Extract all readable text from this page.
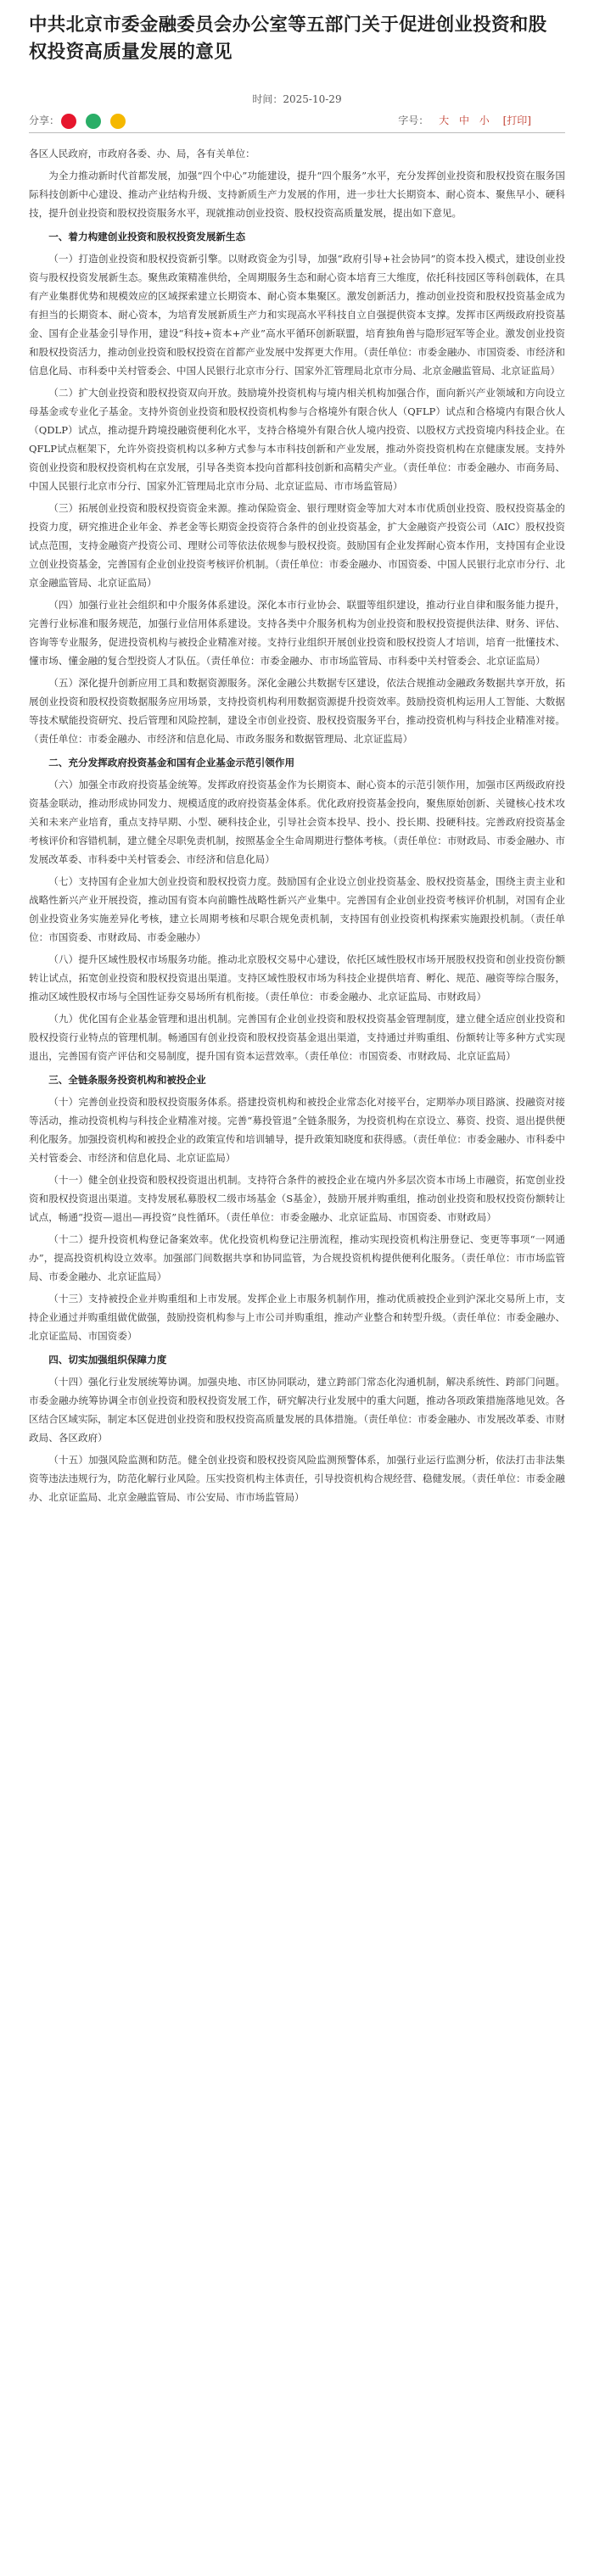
中共北京市委金融委员会办公室等五部门关于促进创业投资和股权投资高质量发展的意见
时间：2025-10-29
分享：
	字号： 大 中 小 [打印]

各区人民政府，市政府各委、办、局，各有关单位：

为全力推动新时代首都发展，加强“四个中心”功能建设，提升“四个服务”水平，充分发挥创业投资和股权投资在服务国际科技创新中心建设、推动产业结构升级、支持新质生产力发展的作用，进一步壮大长期资本、耐心资本、聚焦早小、硬科技，提升创业投资和股权投资服务水平，现就推动创业投资、股权投资高质量发展，提出如下意见。

一、着力构建创业投资和股权投资发展新生态

（一）打造创业投资和股权投资新引擎。以财政资金为引导，加强“政府引导+社会协同”的资本投入模式，建设创业投资与股权投资发展新生态。聚焦政策精准供给，全周期服务生态和耐心资本培育三大维度，依托科技园区等科创载体，在具有产业集群优势和规模效应的区域探索建立长期资本、耐心资本集聚区。激发创新活力，推动创业投资和股权投资基金成为有担当的长期资本、耐心资本，为培育发展新质生产力和实现高水平科技自立自强提供资本支撑。发挥市区两级政府投资基金、国有企业基金引导作用，建设“科技+资本+产业”高水平循环创新联盟，培育独角兽与隐形冠军等企业。激发创业投资和股权投资活力，推动创业投资和股权投资在首都产业发展中发挥更大作用。（责任单位：市委金融办、市国资委、市经济和信息化局、市科委中关村管委会、中国人民银行北京市分行、国家外汇管理局北京市分局、北京金融监管局、北京证监局）

（二）扩大创业投资和股权投资双向开放。鼓励境外投资机构与境内相关机构加强合作，面向新兴产业领域和方向设立母基金或专业化子基金。支持外资创业投资和股权投资机构参与合格境外有限合伙人（QFLP）试点和合格境内有限合伙人（QDLP）试点，推动提升跨境投融资便利化水平，支持合格境外有限合伙人境内投资、以股权方式投资境内科技企业。在QFLP试点框架下，允许外资投资机构以多种方式参与本市科技创新和产业发展，推动外资投资机构在京健康发展。支持外资创业投资和股权投资机构在京发展，引导各类资本投向首都科技创新和高精尖产业。（责任单位：市委金融办、市商务局、中国人民银行北京市分行、国家外汇管理局北京市分局、北京证监局、市市场监管局）

（三）拓展创业投资和股权投资资金来源。推动保险资金、银行理财资金等加大对本市优质创业投资、股权投资基金的投资力度，研究推进企业年金、养老金等长期资金投资符合条件的创业投资基金，扩大金融资产投资公司（AIC）股权投资试点范围，支持金融资产投资公司、理财公司等依法依规参与股权投资。鼓励国有企业发挥耐心资本作用，支持国有企业设立创业投资基金，完善国有企业创业投资考核评价机制。（责任单位：市委金融办、市国资委、中国人民银行北京市分行、北京金融监管局、北京证监局）

（四）加强行业社会组织和中介服务体系建设。深化本市行业协会、联盟等组织建设，推动行业自律和服务能力提升，完善行业标准和服务规范，加强行业信用体系建设。支持各类中介服务机构为创业投资和股权投资提供法律、财务、评估、咨询等专业服务，促进投资机构与被投企业精准对接。支持行业组织开展创业投资和股权投资人才培训，培育一批懂技术、懂市场、懂金融的复合型投资人才队伍。（责任单位：市委金融办、市市场监管局、市科委中关村管委会、北京证监局）

（五）深化提升创新应用工具和数据资源服务。深化金融公共数据专区建设，依法合规推动金融政务数据共享开放，拓展创业投资和股权投资数据服务应用场景，支持投资机构利用数据资源提升投资效率。鼓励投资机构运用人工智能、大数据等技术赋能投资研究、投后管理和风险控制，建设全市创业投资、股权投资服务平台，推动投资机构与科技企业精准对接。（责任单位：市委金融办、市经济和信息化局、市政务服务和数据管理局、北京证监局）

二、充分发挥政府投资基金和国有企业基金示范引领作用

（六）加强全市政府投资基金统筹。发挥政府投资基金作为长期资本、耐心资本的示范引领作用，加强市区两级政府投资基金联动，推动形成协同发力、规模适度的政府投资基金体系。优化政府投资基金投向，聚焦原始创新、关键核心技术攻关和未来产业培育，重点支持早期、小型、硬科技企业，引导社会资本投早、投小、投长期、投硬科技。完善政府投资基金考核评价和容错机制，建立健全尽职免责机制，按照基金全生命周期进行整体考核。（责任单位：市财政局、市委金融办、市发展改革委、市科委中关村管委会、市经济和信息化局）

（七）支持国有企业加大创业投资和股权投资力度。鼓励国有企业设立创业投资基金、股权投资基金，围绕主责主业和战略性新兴产业开展投资，推动国有资本向前瞻性战略性新兴产业集中。完善国有企业创业投资考核评价机制，对国有企业创业投资业务实施差异化考核，建立长周期考核和尽职合规免责机制，支持国有创业投资机构探索实施跟投机制。（责任单位：市国资委、市财政局、市委金融办）

（八）提升区域性股权市场服务功能。推动北京股权交易中心建设，依托区域性股权市场开展股权投资和创业投资份额转让试点，拓宽创业投资和股权投资退出渠道。支持区域性股权市场为科技企业提供培育、孵化、规范、融资等综合服务，推动区域性股权市场与全国性证券交易场所有机衔接。（责任单位：市委金融办、北京证监局、市财政局）

（九）优化国有企业基金管理和退出机制。完善国有企业创业投资和股权投资基金管理制度，建立健全适应创业投资和股权投资行业特点的管理机制。畅通国有创业投资和股权投资基金退出渠道，支持通过并购重组、份额转让等多种方式实现退出，完善国有资产评估和交易制度，提升国有资本运营效率。（责任单位：市国资委、市财政局、北京证监局）

三、全链条服务投资机构和被投企业

（十）完善创业投资和股权投资服务体系。搭建投资机构和被投企业常态化对接平台，定期举办项目路演、投融资对接等活动，推动投资机构与科技企业精准对接。完善“募投管退”全链条服务，为投资机构在京设立、募资、投资、退出提供便利化服务。加强投资机构和被投企业的政策宣传和培训辅导，提升政策知晓度和获得感。（责任单位：市委金融办、市科委中关村管委会、市经济和信息化局、北京证监局）

（十一）健全创业投资和股权投资退出机制。支持符合条件的被投企业在境内外多层次资本市场上市融资，拓宽创业投资和股权投资退出渠道。支持发展私募股权二级市场基金（S基金），鼓励开展并购重组，推动创业投资和股权投资份额转让试点，畅通“投资—退出—再投资”良性循环。（责任单位：市委金融办、北京证监局、市国资委、市财政局）

（十二）提升投资机构登记备案效率。优化投资机构登记注册流程，推动实现投资机构注册登记、变更等事项“一网通办”，提高投资机构设立效率。加强部门间数据共享和协同监管，为合规投资机构提供便利化服务。（责任单位：市市场监管局、市委金融办、北京证监局）

（十三）支持被投企业并购重组和上市发展。发挥企业上市服务机制作用，推动优质被投企业到沪深北交易所上市，支持企业通过并购重组做优做强，鼓励投资机构参与上市公司并购重组，推动产业整合和转型升级。（责任单位：市委金融办、北京证监局、市国资委）

四、切实加强组织保障力度

（十四）强化行业发展统筹协调。加强央地、市区协同联动，建立跨部门常态化沟通机制，解决系统性、跨部门问题。市委金融办统筹协调全市创业投资和股权投资发展工作，研究解决行业发展中的重大问题，推动各项政策措施落地见效。各区结合区域实际，制定本区促进创业投资和股权投资高质量发展的具体措施。（责任单位：市委金融办、市发展改革委、市财政局、各区政府）

（十五）加强风险监测和防范。健全创业投资和股权投资风险监测预警体系，加强行业运行监测分析，依法打击非法集资等违法违规行为，防范化解行业风险。压实投资机构主体责任，引导投资机构合规经营、稳健发展。（责任单位：市委金融办、北京证监局、北京金融监管局、市公安局、市市场监管局）
